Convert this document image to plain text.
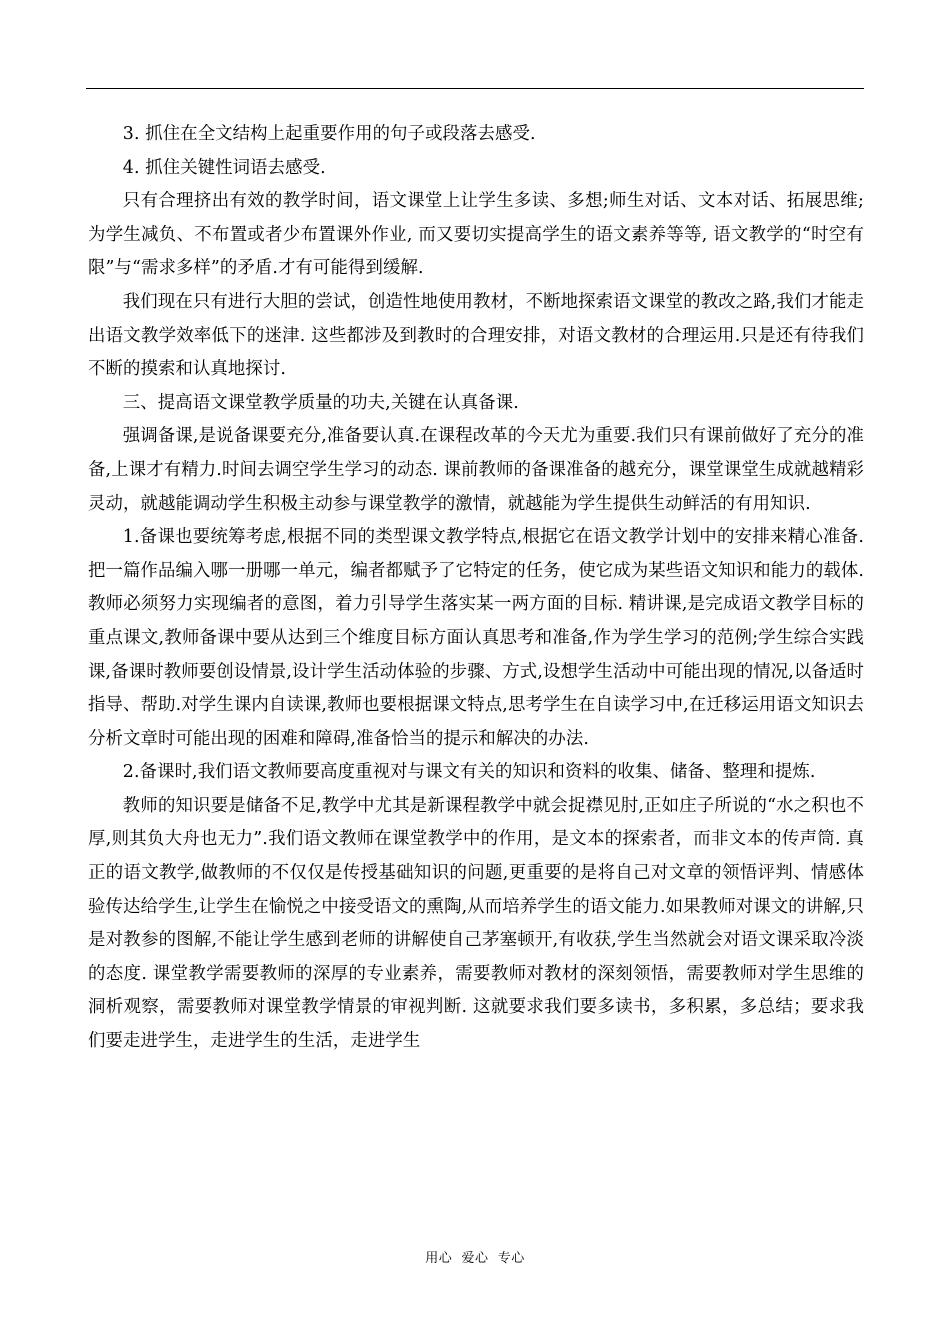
3. 抓住在全文结构上起重要作用的句子或段落去感受.

4. 抓住关键性词语去感受.

只有合理挤出有效的教学时间，语文课堂上让学生多读、多想;师生对话、文本对话、拓展思维;为学生减负、不布置或者少布置课外作业, 而又要切实提高学生的语文素养等等, 语文教学的“时空有限”与“需求多样”的矛盾.才有可能得到缓解.

我们现在只有进行大胆的尝试，创造性地使用教材，不断地探索语文课堂的教改之路,我们才能走出语文教学效率低下的迷津. 这些都涉及到教时的合理安排，对语文教材的合理运用.只是还有待我们不断的摸索和认真地探讨.

三、提高语文课堂教学质量的功夫,关键在认真备课.

强调备课,是说备课要充分,准备要认真.在课程改革的今天尤为重要.我们只有课前做好了充分的准备,上课才有精力.时间去调空学生学习的动态. 课前教师的备课准备的越充分，课堂课堂生成就越精彩灵动，就越能调动学生积极主动参与课堂教学的激情，就越能为学生提供生动鲜活的有用知识.

1.备课也要统筹考虑,根据不同的类型课文教学特点,根据它在语文教学计划中的安排来精心准备.把一篇作品编入哪一册哪一单元，编者都赋予了它特定的任务，使它成为某些语文知识和能力的载体. 教师必须努力实现编者的意图，着力引导学生落实某一两方面的目标. 精讲课,是完成语文教学目标的重点课文,教师备课中要从达到三个维度目标方面认真思考和准备,作为学生学习的范例;学生综合实践课,备课时教师要创设情景,设计学生活动体验的步骤、方式,设想学生活动中可能出现的情况,以备适时指导、帮助.对学生课内自读课,教师也要根据课文特点,思考学生在自读学习中,在迁移运用语文知识去分析文章时可能出现的困难和障碍,准备恰当的提示和解决的办法.

2.备课时,我们语文教师要高度重视对与课文有关的知识和资料的收集、储备、整理和提炼.

教师的知识要是储备不足,教学中尤其是新课程教学中就会捉襟见肘,正如庄子所说的“水之积也不厚,则其负大舟也无力”.我们语文教师在课堂教学中的作用，是文本的探索者，而非文本的传声筒. 真正的语文教学,做教师的不仅仅是传授基础知识的问题,更重要的是将自己对文章的领悟评判、情感体验传达给学生,让学生在愉悦之中接受语文的熏陶,从而培养学生的语文能力.如果教师对课文的讲解,只是对教参的图解,不能让学生感到老师的讲解使自己茅塞顿开,有收获,学生当然就会对语文课采取冷淡的态度. 课堂教学需要教师的深厚的专业素养，需要教师对教材的深刻领悟，需要教师对学生思维的洞析观察，需要教师对课堂教学情景的审视判断. 这就要求我们要多读书，多积累，多总结；要求我们要走进学生，走进学生的生活，走进学生

用心  爱心  专心
